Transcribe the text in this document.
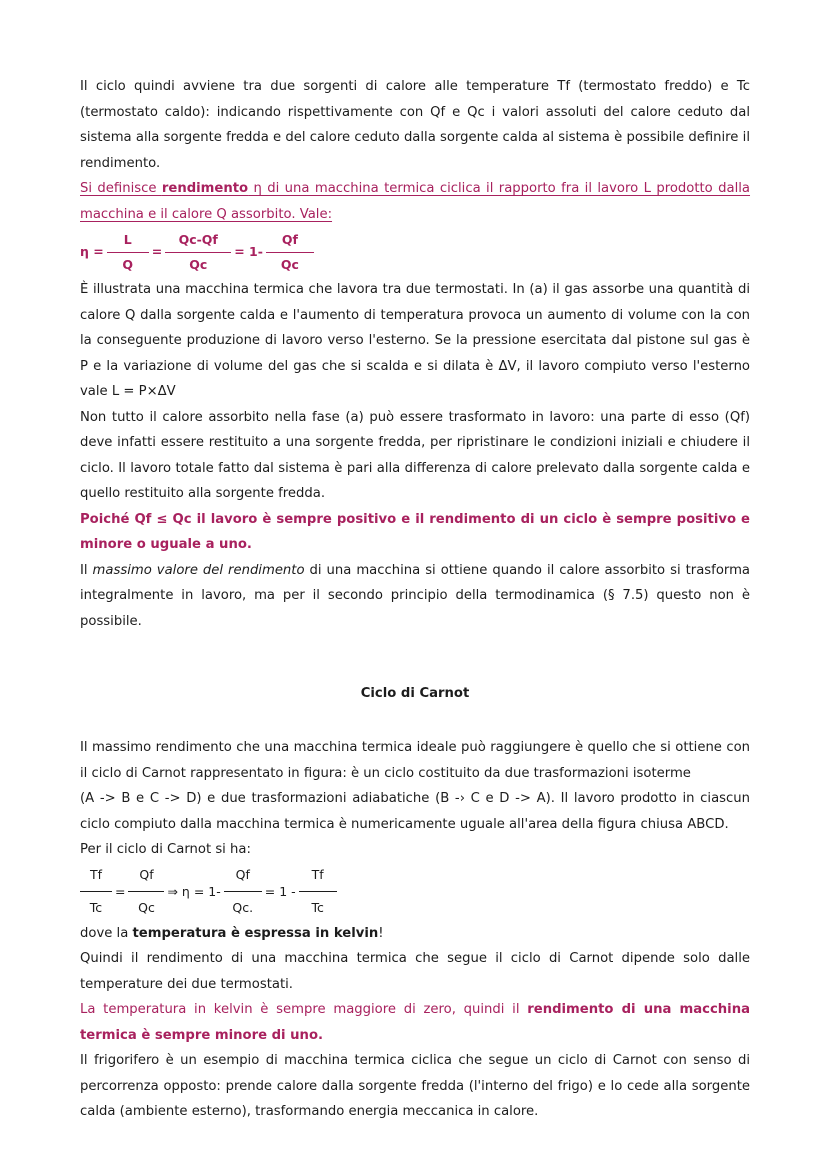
Il ciclo quindi avviene tra due sorgenti di calore alle temperature Tf (termostato freddo) e Tc (termostato caldo): indicando rispettivamente con Qf e Qc i valori assoluti del calore ceduto dal sistema alla sorgente fredda e del calore ceduto dalla sorgente calda al sistema è possibile definire il rendimento.

Si definisce rendimento η di una macchina termica ciclica il rapporto fra il lavoro L prodotto dalla macchina e il calore Q assorbito. Vale:

$\eta = \frac{L}{Q} = \frac{Qc-Qf}{Qc} = 1- \frac{Qf}{Qc}$

È illustrata una macchina termica che lavora tra due termostati. In (a) il gas assorbe una quantità di calore Q dalla sorgente calda e l'aumento di temperatura provoca un aumento di volume con la con la conseguente produzione di lavoro verso l'esterno. Se la pressione esercitata dal pistone sul gas è P e la variazione di volume del gas che si scalda e si dilata è ΔV, il lavoro compiuto verso l'esterno vale L = P×ΔV

Non tutto il calore assorbito nella fase (a) può essere trasformato in lavoro: una parte di esso (Qf) deve infatti essere restituito a una sorgente fredda, per ripristinare le condizioni iniziali e chiudere il ciclo. Il lavoro totale fatto dal sistema è pari alla differenza di calore prelevato dalla sorgente calda e quello restituito alla sorgente fredda.

Poiché Qf ≤ Qc il lavoro è sempre positivo e il rendimento di un ciclo è sempre positivo e minore o uguale a uno.

Il massimo valore del rendimento di una macchina si ottiene quando il calore assorbito si trasforma integralmente in lavoro, ma per il secondo principio della termodinamica (§ 7.5) questo non è possibile.

Ciclo di Carnot

Il massimo rendimento che una macchina termica ideale può raggiungere è quello che si ottiene con il ciclo di Carnot rappresentato in figura: è un ciclo costituito da due trasformazioni isoterme

(A -> B e C -> D) e due trasformazioni adiabatiche (B -› C e D -> A). Il lavoro prodotto in ciascun ciclo compiuto dalla macchina termica è numericamente uguale all'area della figura chiusa ABCD.

Per il ciclo di Carnot si ha:

$\frac{Tf}{Tc} = \frac{Qf}{Qc}$ ⇒ $\eta = 1- \frac{Qf}{Qc.} = 1 - \frac{Tf}{Tc}$

dove la temperatura è espressa in kelvin!

Quindi il rendimento di una macchina termica che segue il ciclo di Carnot dipende solo dalle temperature dei due termostati.

La temperatura in kelvin è sempre maggiore di zero, quindi il rendimento di una macchina termica è sempre minore di uno.

Il frigorifero è un esempio di macchina termica ciclica che segue un ciclo di Carnot con senso di percorrenza opposto: prende calore dalla sorgente fredda (l'interno del frigo) e lo cede alla sorgente calda (ambiente esterno), trasformando energia meccanica in calore.
